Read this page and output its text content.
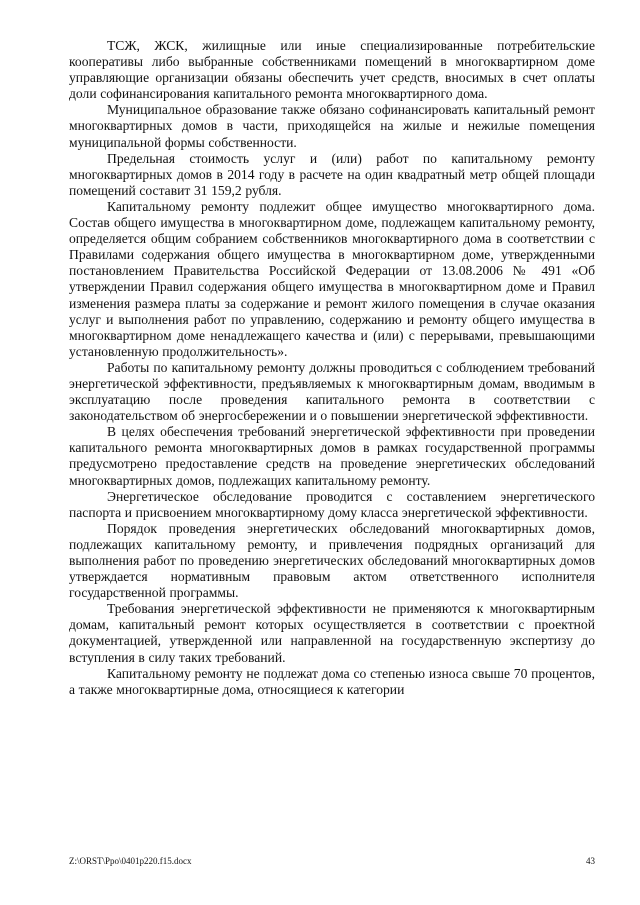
ТСЖ, ЖСК, жилищные или иные специализированные потребительские кооперативы либо выбранные собственниками помещений в многоквартирном доме управляющие организации обязаны обеспечить учет средств, вносимых в счет оплаты доли софинансирования капитального ремонта многоквартирного дома.

Муниципальное образование также обязано софинансировать капитальный ремонт многоквартирных домов в части, приходящейся на жилые и нежилые помещения муниципальной формы собственности.

Предельная стоимость услуг и (или) работ по капитальному ремонту многоквартирных домов в 2014 году в расчете на один квадратный метр общей площади помещений составит 31 159,2 рубля.

Капитальному ремонту подлежит общее имущество многоквартирного дома. Состав общего имущества в многоквартирном доме, подлежащем капитальному ремонту, определяется общим собранием собственников многоквартирного дома в соответствии с Правилами содержания общего имущества в многоквартирном доме, утвержденными постановлением Правительства Российской Федерации от 13.08.2006 № 491 «Об утверждении Правил содержания общего имущества в многоквартирном доме и Правил изменения размера платы за содержание и ремонт жилого помещения в случае оказания услуг и выполнения работ по управлению, содержанию и ремонту общего имущества в многоквартирном доме ненадлежащего качества и (или) с перерывами, превышающими установленную продолжительность».

Работы по капитальному ремонту должны проводиться с соблюдением требований энергетической эффективности, предъявляемых к многоквартирным домам, вводимым в эксплуатацию после проведения капитального ремонта в соответствии с законодательством об энергосбережении и о повышении энергетической эффективности.

В целях обеспечения требований энергетической эффективности при проведении капитального ремонта многоквартирных домов в рамках государственной программы предусмотрено предоставление средств на проведение энергетических обследований многоквартирных домов, подлежащих капитальному ремонту.

Энергетическое обследование проводится с составлением энергетического паспорта и присвоением многоквартирному дому класса энергетической эффективности.

Порядок проведения энергетических обследований многоквартирных домов, подлежащих капитальному ремонту, и привлечения подрядных организаций для выполнения работ по проведению энергетических обследований многоквартирных домов утверждается нормативным правовым актом ответственного исполнителя государственной программы.

Требования энергетической эффективности не применяются к многоквартирным домам, капитальный ремонт которых осуществляется в соответствии с проектной документацией, утвержденной или направленной на государственную экспертизу до вступления в силу таких требований.

Капитальному ремонту не подлежат дома со степенью износа свыше 70 процентов, а также многоквартирные дома, относящиеся к категории

Z:\ORST\Ppo\0401p220.f15.docx	43
